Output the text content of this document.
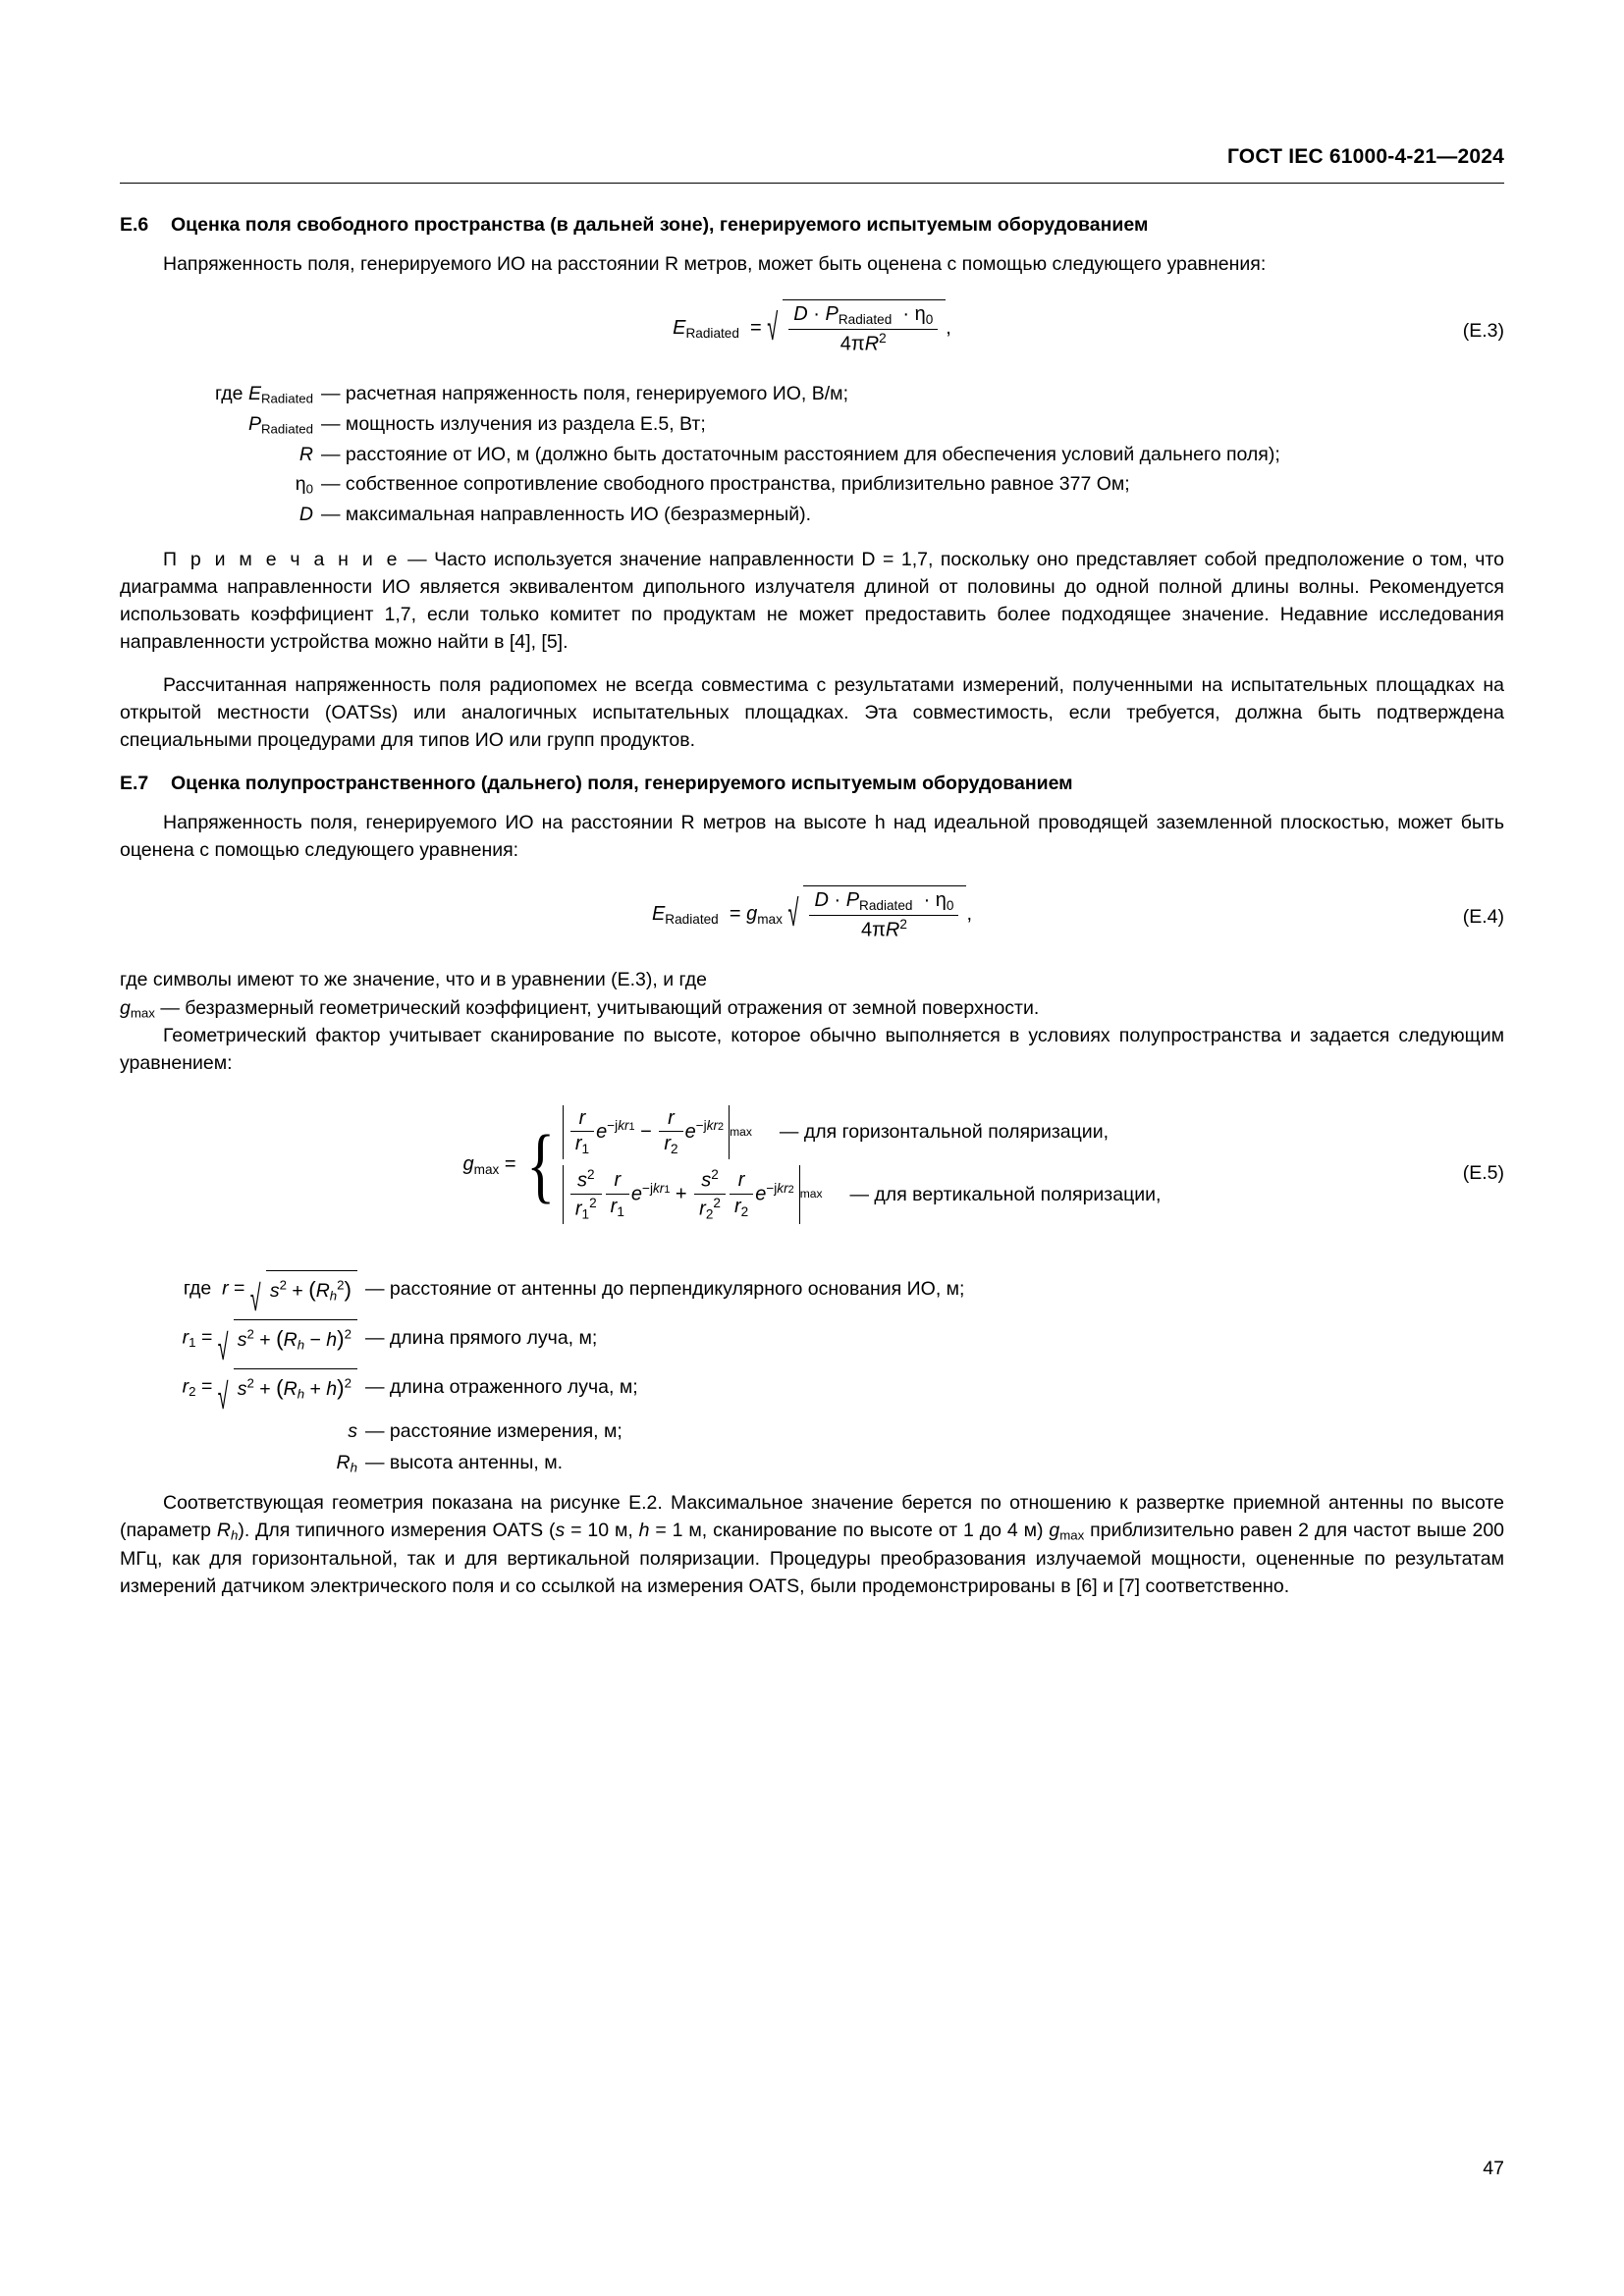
ГОСТ IEC 61000-4-21—2024
E.6 Оценка поля свободного пространства (в дальней зоне), генерируемого испытуемым оборудованием

Напряженность поля, генерируемого ИО на расстоянии R метров, может быть оценена с помощью следующего уравнения:

$E_{Radiated}$  = √ $\frac{D \cdot P_{Radiated} \cdot \eta_0}{4\pi R^2}$ ,	(Е.3)
где $E_{Radiated}$ — расчетная напряженность поля, генерируемого ИО, В/м;
$P_{Radiated}$ — мощность излучения из раздела Е.5, Вт;
R — расстояние от ИО, м (должно быть достаточным расстоянием для обеспечения условий дальнего поля);
$\eta_0$ — собственное сопротивление свободного пространства, приблизительно равное 377 Ом;
D — максимальная направленность ИО (безразмерный).

П р и м е ч а н и е — Часто используется значение направленности D = 1,7, поскольку оно представляет собой предположение о том, что диаграмма направленности ИО является эквивалентом дипольного излучателя длиной от половины до одной полной длины волны. Рекомендуется использовать коэффициент 1,7, если только комитет по продуктам не может предоставить более подходящее значение. Недавние исследования направленности устройства можно найти в [4], [5].

Рассчитанная напряженность поля радиопомех не всегда совместима с результатами измерений, полученными на испытательных площадках на открытой местности (OATSs) или аналогичных испытательных площадках. Эта совместимость, если требуется, должна быть подтверждена специальными процедурами для типов ИО или групп продуктов.

E.7 Оценка полупространственного (дальнего) поля, генерируемого испытуемым оборудованием

Напряженность поля, генерируемого ИО на расстоянии R метров на высоте h над идеальной проводящей заземленной плоскостью, может быть оценена с помощью следующего уравнения:

$E_{Radiated} = g_{max}$ √ $\frac{D \cdot P_{Radiated} \cdot \eta_0}{4\pi R^2}$ ,	(Е.4)

где символы имеют то же значение, что и в уравнении (Е.3), и где

$g_{max}$ — безразмерный геометрический коэффициент, учитывающий отражения от земной поверхности.

Геометрический фактор учитывает сканирование по высоте, которое обычно выполняется в условиях полупространства и задается следующим уравнением:

$g_{max}$ = { $\frac{r}{r_1} e^{-jkr1} - \frac{r}{r_2} e^{-jkr2}$ max — для горизонтальной поляризации,
$\frac{s^2}{r_1^2} \frac{r}{r_1} e^{-jkr1} + \frac{s^2}{r_2^2} \frac{r}{r_2} e^{-jkr2}$ max — для вертикальной поляризации,
(Е.5)
где r = √ $s^2 + (R_h^2)$ — расстояние от антенны до перпендикулярного основания ИО, м;
$r_1$ = √ $s^2 + (R_h - h)^2$ — длина прямого луча, м;
$r_2$ = √ $s^2 + (R_h + h)^2$ — длина отраженного луча, м;
s — расстояние измерения, м;
$R_h$ — высота антенны, м.

Соответствующая геометрия показана на рисунке Е.2. Максимальное значение берется по отношению к развертке приемной антенны по высоте (параметр $R_h$). Для типичного измерения OATS (s = 10 м, h = 1 м, сканирование по высоте от 1 до 4 м) $g_{max}$ приблизительно равен 2 для частот выше 200 МГц, как для горизонтальной, так и для вертикальной поляризации. Процедуры преобразования излучаемой мощности, оцененные по результатам измерений датчиком электрического поля и со ссылкой на измерения OATS, были продемонстрированы в [6] и [7] соответственно.

47
